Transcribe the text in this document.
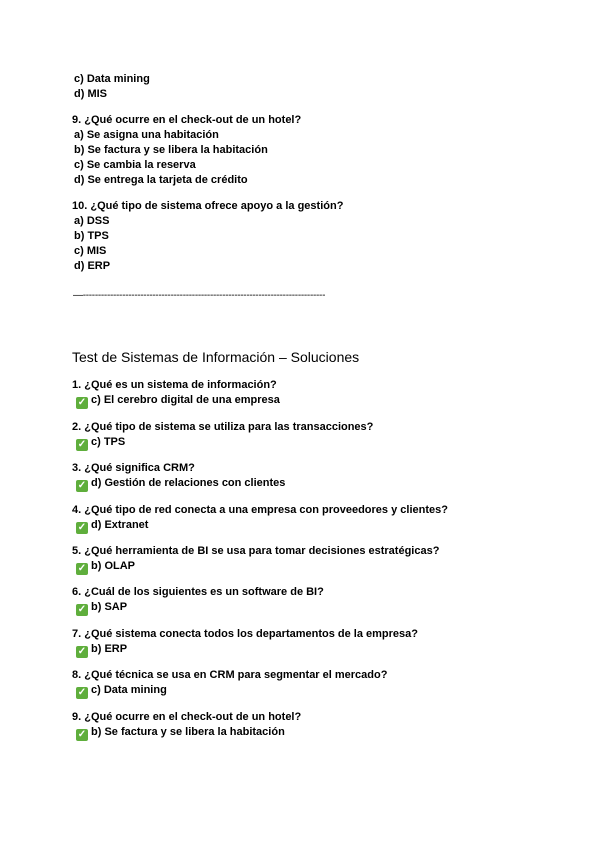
c) Data mining
d) MIS
9. ¿Qué ocurre en el check-out de un hotel?
a) Se asigna una habitación
b) Se factura y se libera la habitación
c) Se cambia la reserva
d) Se entrega la tarjeta de crédito
10. ¿Qué tipo de sistema ofrece apoyo a la gestión?
a) DSS
b) TPS
c) MIS
d) ERP
—--------------------------------------------------------------------------------
Test de Sistemas de Información – Soluciones
1. ¿Qué es un sistema de información?
✓ c) El cerebro digital de una empresa
2. ¿Qué tipo de sistema se utiliza para las transacciones?
✓ c) TPS
3. ¿Qué significa CRM?
✓ d) Gestión de relaciones con clientes
4. ¿Qué tipo de red conecta a una empresa con proveedores y clientes?
✓ d) Extranet
5. ¿Qué herramienta de BI se usa para tomar decisiones estratégicas?
✓ b) OLAP
6. ¿Cuál de los siguientes es un software de BI?
✓ b) SAP
7. ¿Qué sistema conecta todos los departamentos de la empresa?
✓ b) ERP
8. ¿Qué técnica se usa en CRM para segmentar el mercado?
✓ c) Data mining
9. ¿Qué ocurre en el check-out de un hotel?
✓ b) Se factura y se libera la habitación
